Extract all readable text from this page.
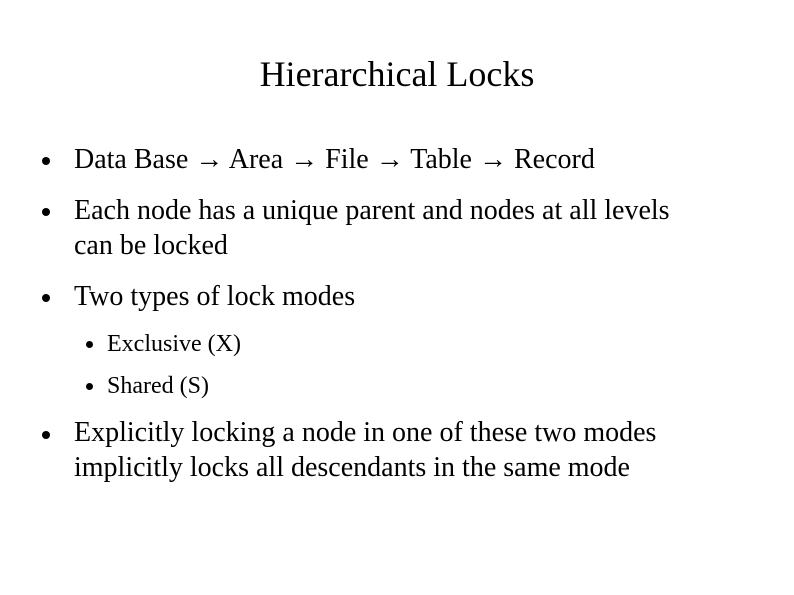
Hierarchical Locks
Data Base → Area → File → Table → Record
Each node has a unique parent and nodes at all levels
can be locked
Two types of lock modes
Exclusive (X)
Shared (S)
Explicitly locking a node in one of these two modes
implicitly locks all descendants in the same mode
